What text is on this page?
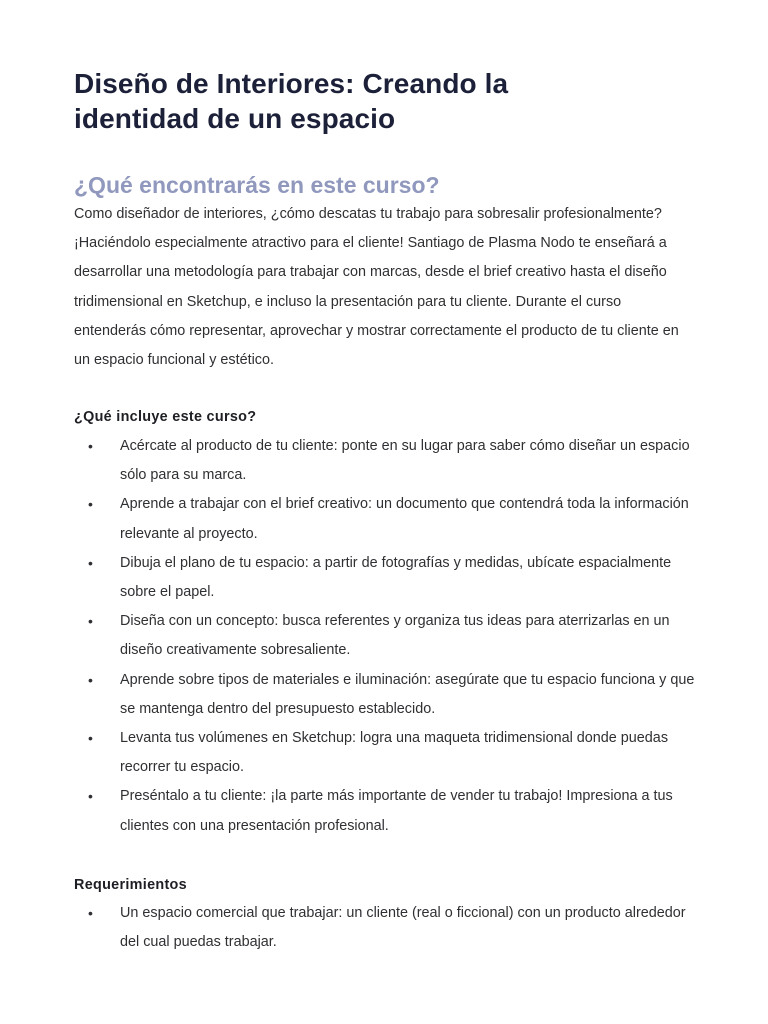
Diseño de Interiores: Creando la identidad de un espacio
¿Qué encontrarás en este curso?

Como diseñador de interiores, ¿cómo descatas tu trabajo para sobresalir profesionalmente? ¡Haciéndolo especialmente atractivo para el cliente! Santiago de Plasma Nodo te enseñará a desarrollar una metodología para trabajar con marcas, desde el brief creativo hasta el diseño tridimensional en Sketchup, e incluso la presentación para tu cliente. Durante el curso entenderás cómo representar, aprovechar y mostrar correctamente el producto de tu cliente en un espacio funcional y estético.

¿Qué incluye este curso?
• Acércate al producto de tu cliente: ponte en su lugar para saber cómo diseñar un espacio sólo para su marca.
• Aprende a trabajar con el brief creativo: un documento que contendrá toda la información relevante al proyecto.
• Dibuja el plano de tu espacio: a partir de fotografías y medidas, ubícate espacialmente sobre el papel.
• Diseña con un concepto: busca referentes y organiza tus ideas para aterrizarlas en un diseño creativamente sobresaliente.
• Aprende sobre tipos de materiales e iluminación: asegúrate que tu espacio funciona y que se mantenga dentro del presupuesto establecido.
• Levanta tus volúmenes en Sketchup: logra una maqueta tridimensional donde puedas recorrer tu espacio.
• Preséntalo a tu cliente: ¡la parte más importante de vender tu trabajo! Impresiona a tus clientes con una presentación profesional.
Requerimientos
• Un espacio comercial que trabajar: un cliente (real o ficcional) con un producto alrededor del cual puedas trabajar.
